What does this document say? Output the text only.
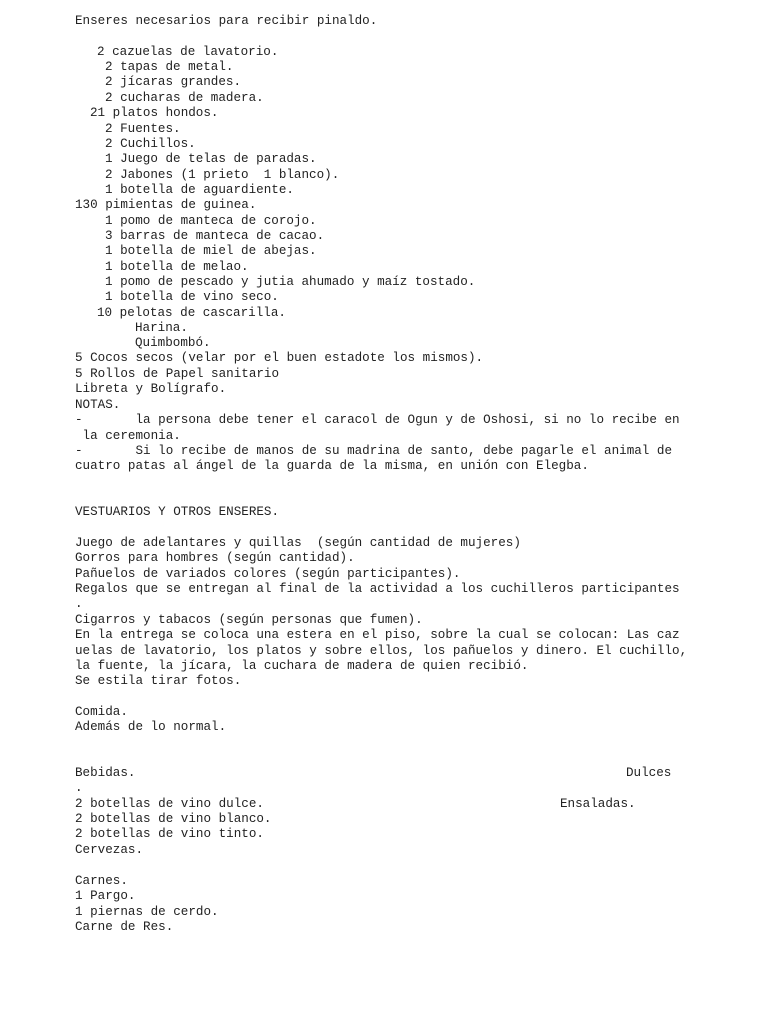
Enseres necesarios para recibir pinaldo.
2 cazuelas de lavatorio.
2 tapas de metal.
2 jícaras grandes.
2 cucharas de madera.
21 platos hondos.
2 Fuentes.
2 Cuchillos.
1 Juego de telas de paradas.
2 Jabones (1 prieto  1 blanco).
1 botella de aguardiente.
130 pimientas de guinea.
1 pomo de manteca de corojo.
3 barras de manteca de cacao.
1 botella de miel de abejas.
1 botella de melao.
1 pomo de pescado y jutia ahumado y maíz tostado.
1 botella de vino seco.
10 pelotas de cascarilla.
Harina.
Quimbombó.
5 Cocos secos (velar por el buen estadote los mismos).
5 Rollos de Papel sanitario
Libreta y Bolígrafo.
NOTAS.
-       la persona debe tener el caracol de Ogun y de Oshosi, si no lo recibe en
la ceremonia.
-       Si lo recibe de manos de su madrina de santo, debe pagarle el animal de
cuatro patas al ángel de la guarda de la misma, en unión con Elegba.
VESTUARIOS Y OTROS ENSERES.
Juego de adelantares y quillas  (según cantidad de mujeres)
Gorros para hombres (según cantidad).
Pañuelos de variados colores (según participantes).
Regalos que se entregan al final de la actividad a los cuchilleros participantes
.
Cigarros y tabacos (según personas que fumen).
En la entrega se coloca una estera en el piso, sobre la cual se colocan: Las caz
uelas de lavatorio, los platos y sobre ellos, los pañuelos y dinero. El cuchillo,
la fuente, la jícara, la cuchara de madera de quien recibió.
Se estila tirar fotos.
Comida.
Además de lo normal.
Bebidas.	Dulces
.
2 botellas de vino dulce.	Ensaladas.
2 botellas de vino blanco.
2 botellas de vino tinto.
Cervezas.
Carnes.
1 Pargo.
1 piernas de cerdo.
Carne de Res.
